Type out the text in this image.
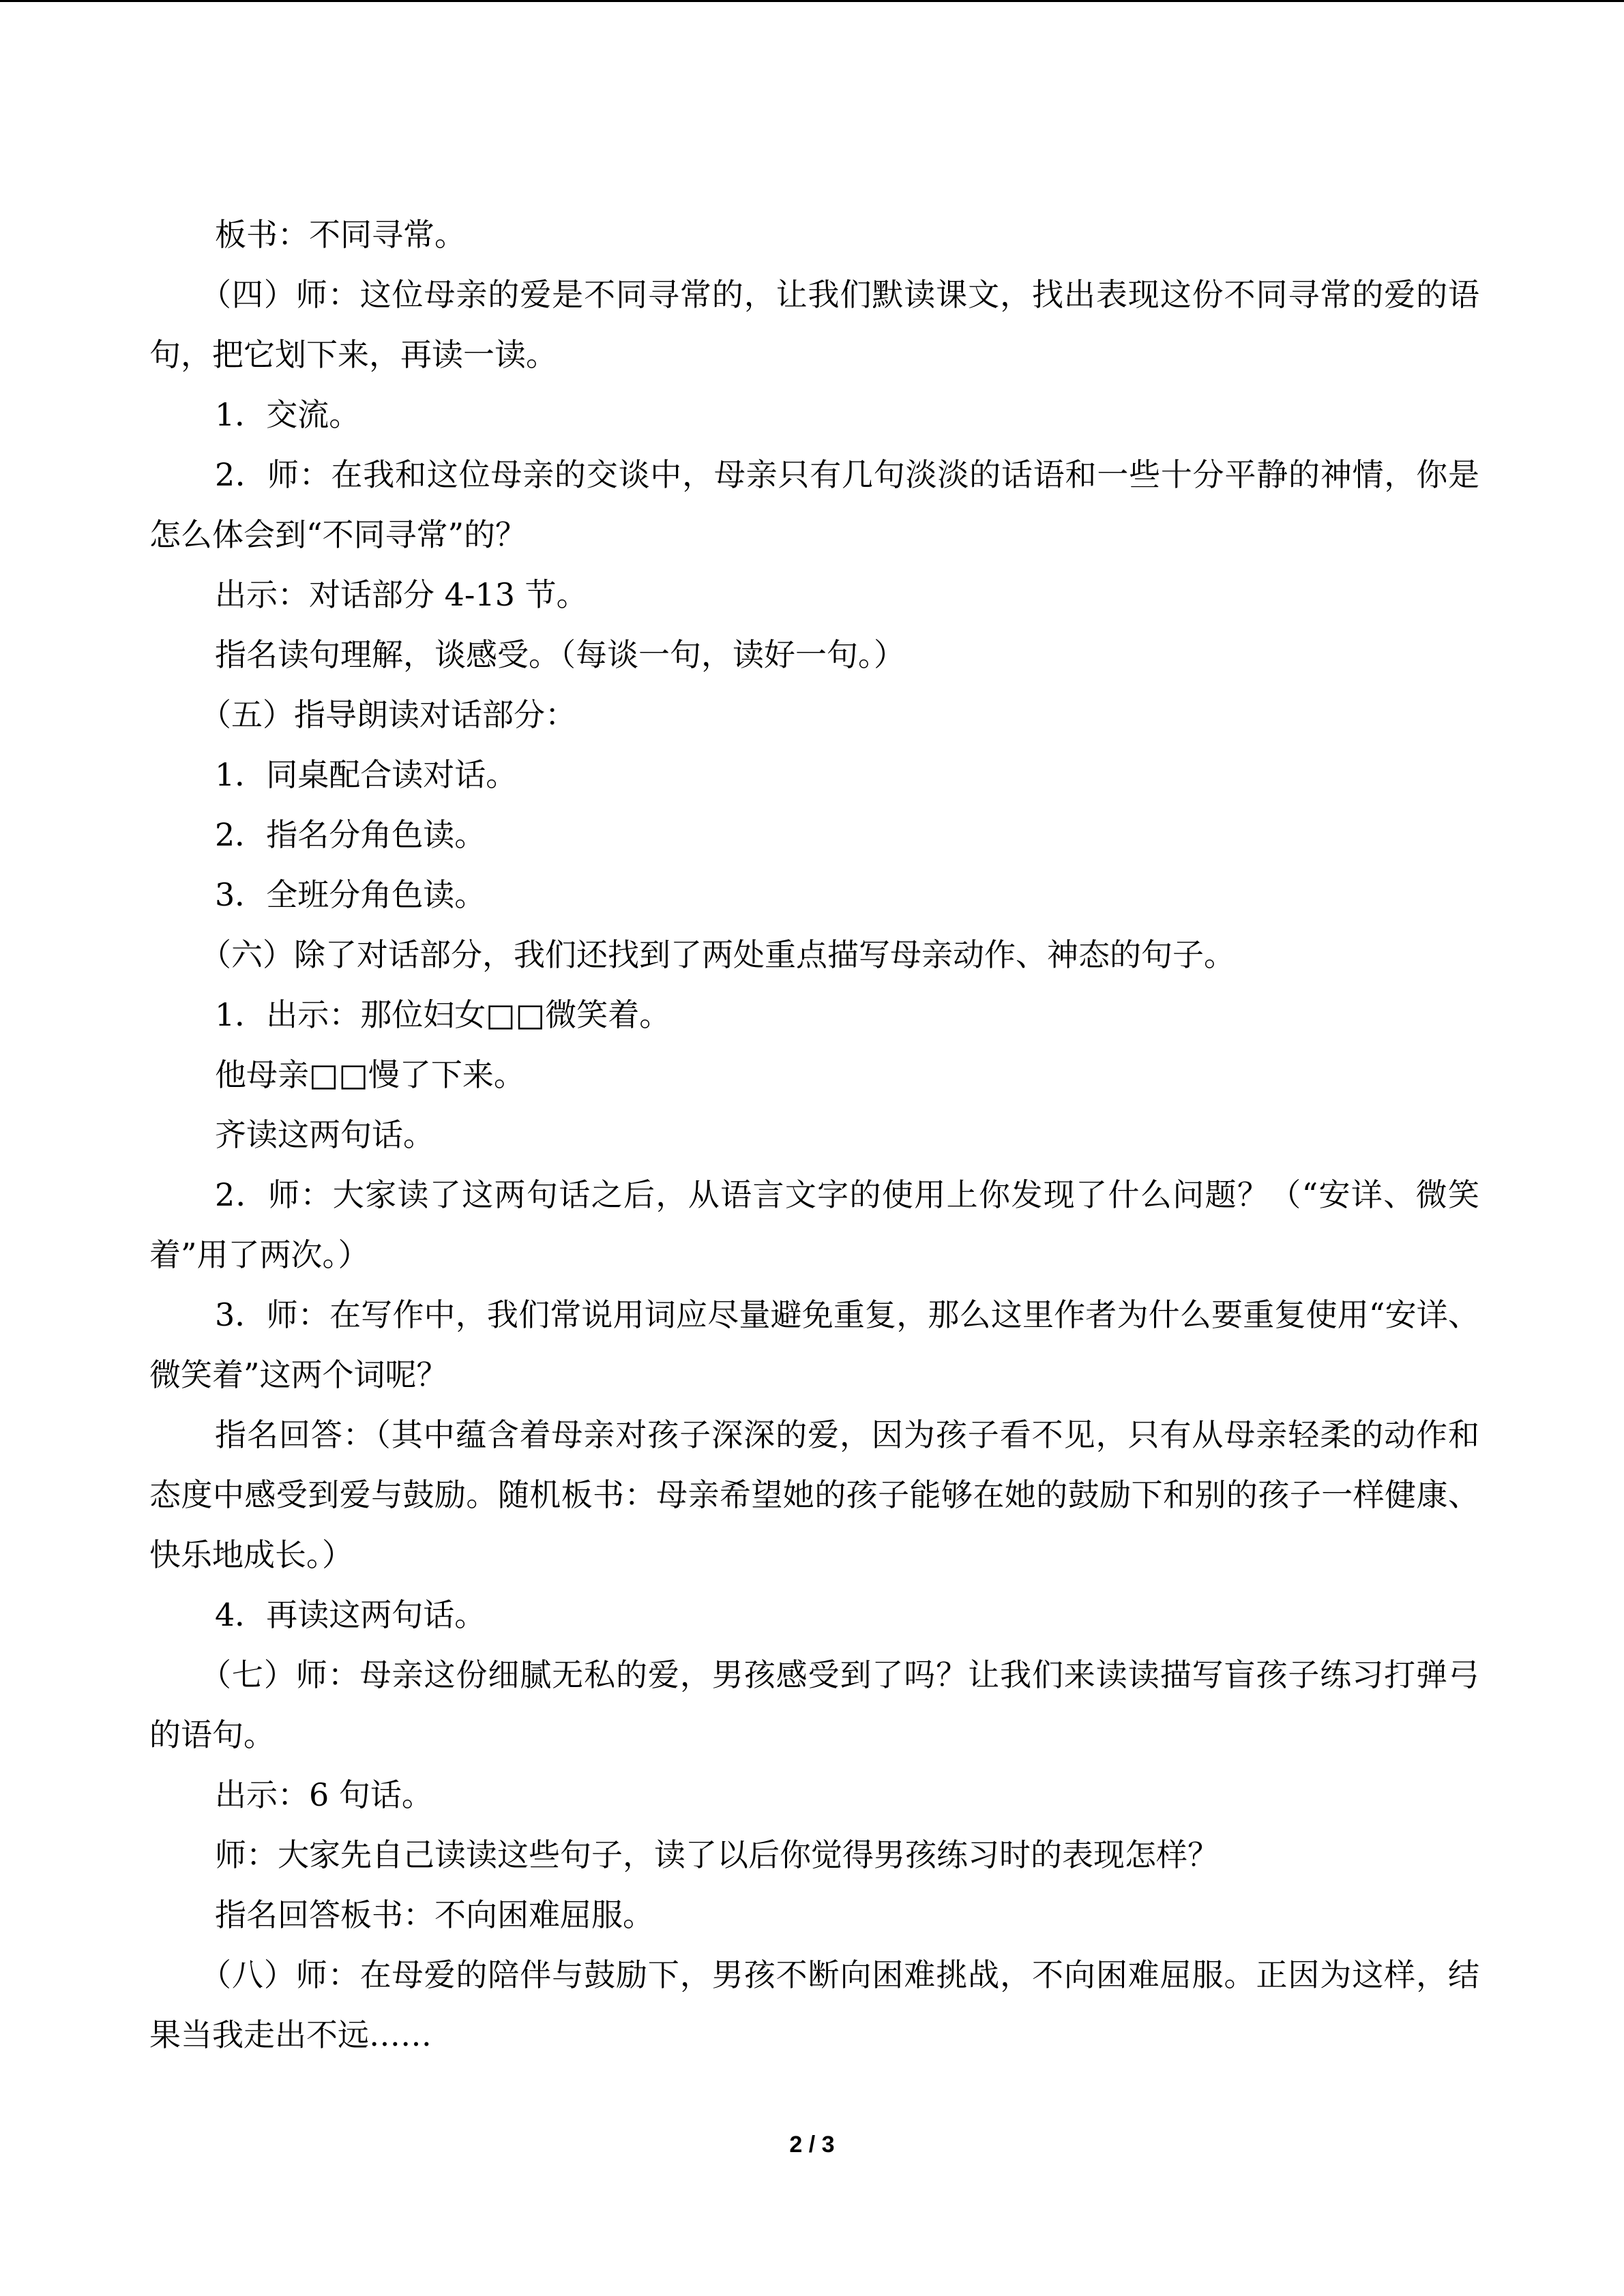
板书：不同寻常。

（四）师：这位母亲的爱是不同寻常的，让我们默读课文，找出表现这份不同寻常的爱的语句，把它划下来，再读一读。

1．交流。

2．师：在我和这位母亲的交谈中，母亲只有几句淡淡的话语和一些十分平静的神情，你是怎么体会到“不同寻常”的？

出示：对话部分 4-13 节。

指名读句理解，谈感受。（每谈一句，读好一句。）

（五）指导朗读对话部分：

1．同桌配合读对话。

2．指名分角色读。

3．全班分角色读。

（六）除了对话部分，我们还找到了两处重点描写母亲动作、神态的句子。

1．出示：那位妇女□□微笑着。

他母亲□□慢了下来。

齐读这两句话。

2．师：大家读了这两句话之后，从语言文字的使用上你发现了什么问题？（“安详、微笑着”用了两次。）

3．师：在写作中，我们常说用词应尽量避免重复，那么这里作者为什么要重复使用“安详、微笑着”这两个词呢？

指名回答：（其中蕴含着母亲对孩子深深的爱，因为孩子看不见，只有从母亲轻柔的动作和态度中感受到爱与鼓励。随机板书：母亲希望她的孩子能够在她的鼓励下和别的孩子一样健康、快乐地成长。）

4．再读这两句话。

（七）师：母亲这份细腻无私的爱，男孩感受到了吗？让我们来读读描写盲孩子练习打弹弓的语句。

出示：6 句话。

师：大家先自己读读这些句子，读了以后你觉得男孩练习时的表现怎样？

指名回答板书：不向困难屈服。

（八）师：在母爱的陪伴与鼓励下，男孩不断向困难挑战，不向困难屈服。正因为这样，结果当我走出不远……

2 / 3
